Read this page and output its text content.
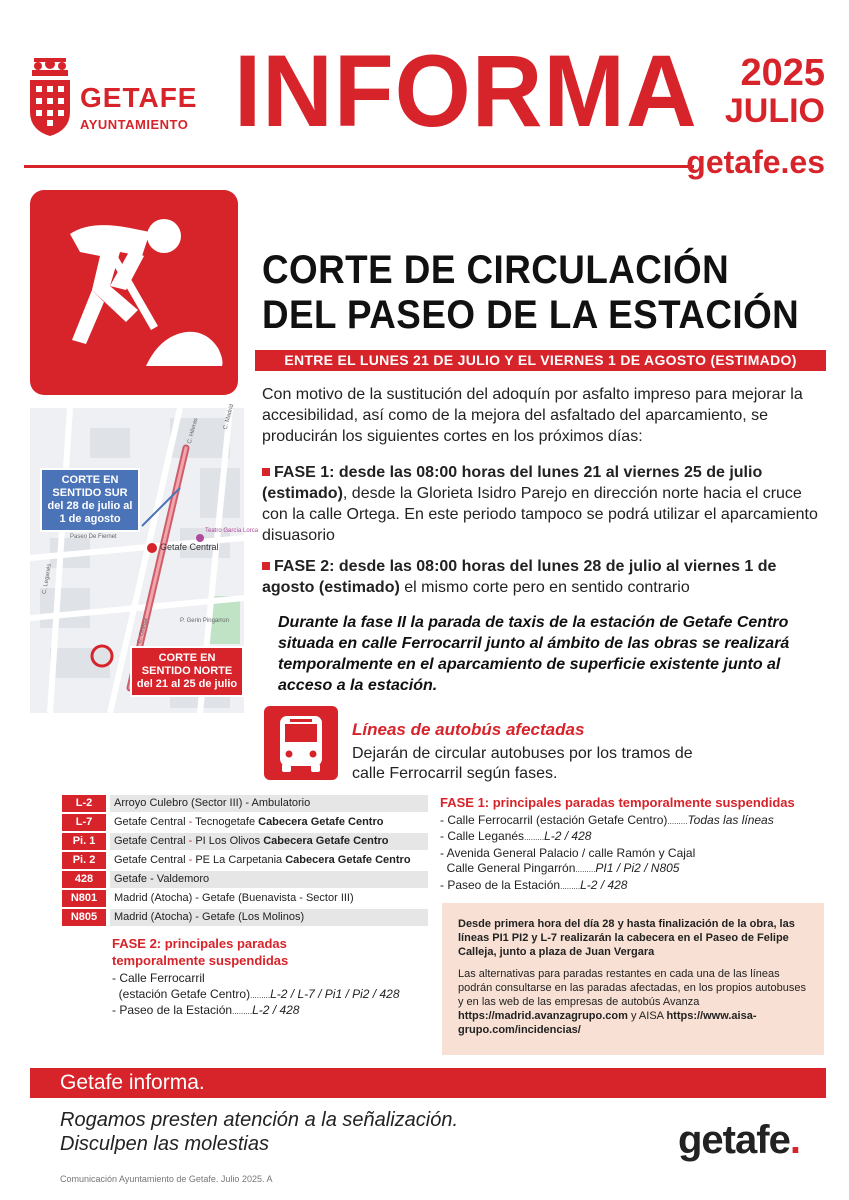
GETAFE
AYUNTAMIENTO INFORMA 2025
JULIO
getafe.es
CORTE DE CIRCULACIÓN
DEL PASEO DE LA ESTACIÓN
ENTRE EL LUNES 21 DE JULIO Y EL VIERNES 1 DE AGOSTO (ESTIMADO)
Con motivo de la sustitución del adoquín por asfalto impreso para mejorar la accesibilidad, así como de la mejora del asfaltado del aparcamiento, se producirán los siguientes cortes en los próximos días:
Getafe Central
Teatro García Lorca
Paseo De Fiernet
P. Gerin Pingarron
C. Madrid
C. Hileras
C. Leganés
C. Ortega
CORTE EN SENTIDO SUR del 28 de julio al 1 de agosto
CORTE EN SENTIDO NORTE del 21 al 25 de julio
FASE 1: desde las 08:00 horas del lunes 21 al viernes 25 de julio (estimado), desde la Glorieta Isidro Parejo en dirección norte hacia el cruce con la calle Ortega. En este periodo tampoco se podrá utilizar el aparcamiento disuasorio
FASE 2: desde las 08:00 horas del lunes 28 de julio al viernes 1 de agosto (estimado) el mismo corte pero en sentido contrario
Durante la fase II la parada de taxis de la estación de Getafe Centro situada en calle Ferrocarril junto al ámbito de las obras se realizará temporalmente en el aparcamiento de superficie existente junto al acceso a la estación.
Líneas de autobús afectadas
Dejarán de circular autobuses por los tramos de calle Ferrocarril según fases.
L-2	Arroyo Culebro (Sector III) - Ambulatorio
L-7	Getafe Central - Tecnogetafe Cabecera Getafe Centro
Pi. 1	Getafe Central - PI Los Olivos Cabecera Getafe Centro
Pi. 2	Getafe Central - PE La Carpetania Cabecera Getafe Centro
428	Getafe - Valdemoro
N801	Madrid (Atocha) - Getafe (Buenavista - Sector III)
N805	Madrid (Atocha) - Getafe (Los Molinos)
FASE 1: principales paradas temporalmente suspendidas
- Calle Ferrocarril (estación Getafe Centro).........Todas las líneas
- Calle Leganés.........L-2 / 428
- Avenida General Palacio / calle Ramón y Cajal
Calle General Pingarrón.........PI1 / Pi2 / N805
- Paseo de la Estación.........L-2 / 428
Desde primera hora del día 28 y hasta finalización de la obra, las líneas PI1 PI2 y L-7 realizarán la cabecera en el Paseo de Felipe Calleja, junto a plaza de Juan Vergara
Las alternativas para paradas restantes en cada una de las líneas podrán consultarse en las paradas afectadas, en los propios autobuses y en las web de las empresas de autobús Avanza https://madrid.avanzagrupo.com y AISA https://www.aisa-grupo.com/incidencias/
FASE 2: principales paradas
temporalmente suspendidas
- Calle Ferrocarril
(estación Getafe Centro).........L-2 / L-7 / Pi1 / Pi2 / 428
- Paseo de la Estación.........L-2 / 428
Getafe informa.
Rogamos presten atención a la señalización.
Disculpen las molestias	getafe.
Comunicación Ayuntamiento de Getafe. Julio 2025. A
